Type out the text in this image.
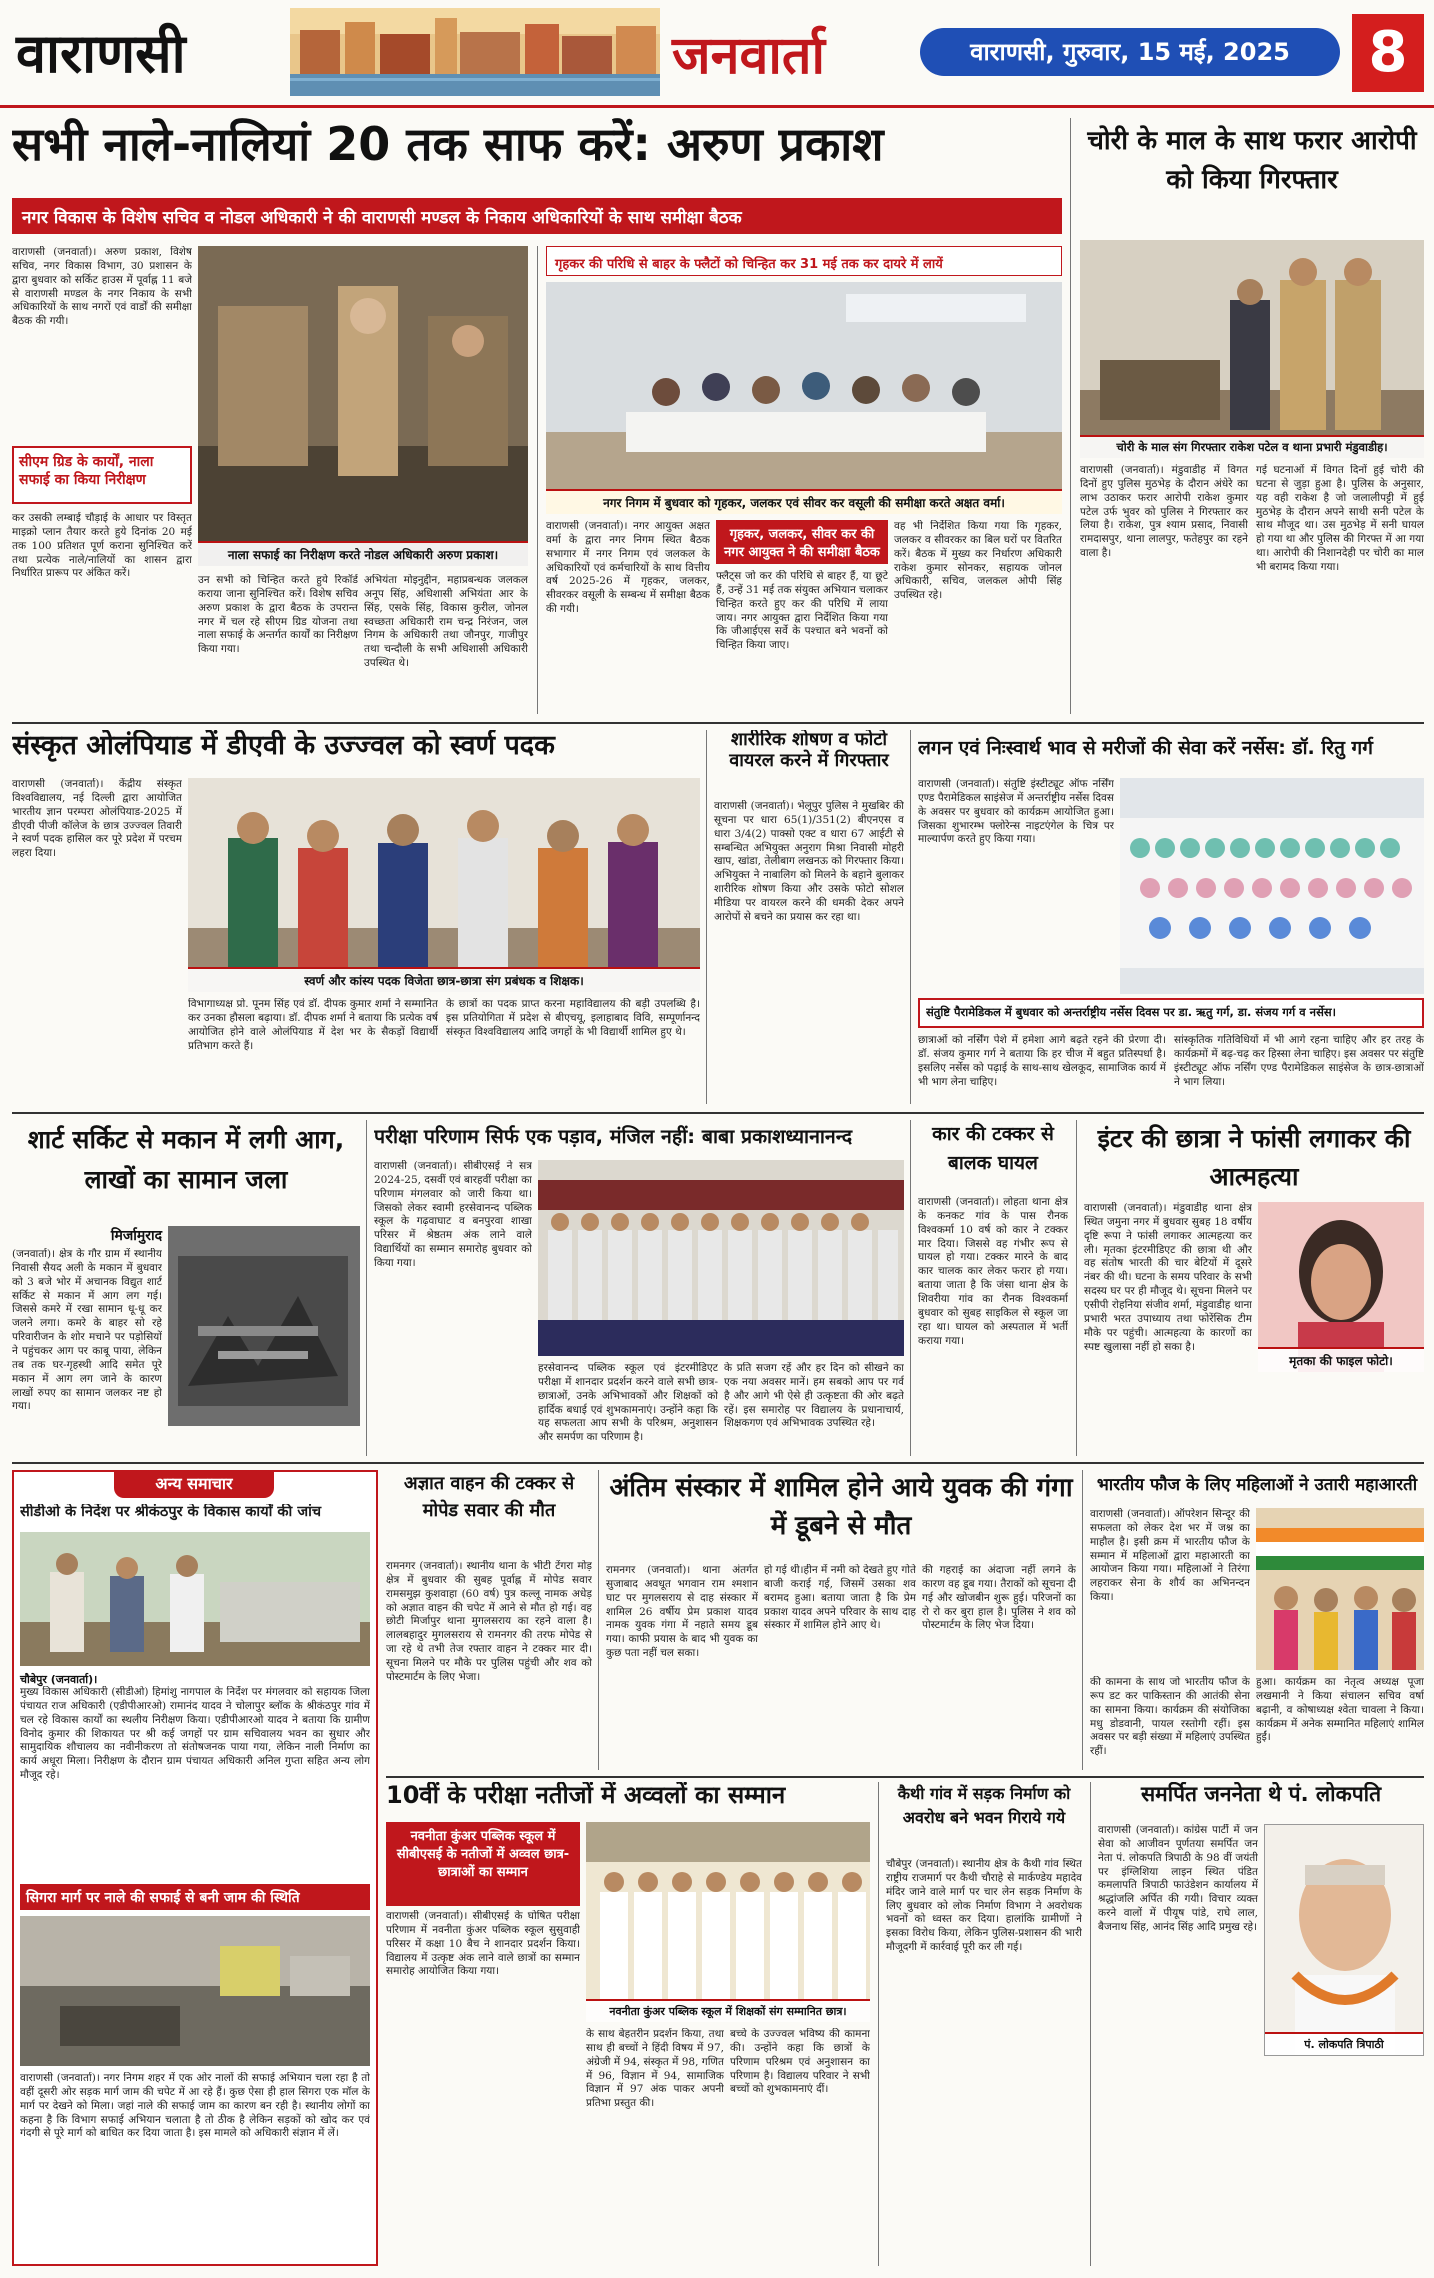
वाराणसी	जनवार्ता	वाराणसी, गुरुवार, 15 मई, 2025	8
सभी नाले-नालियां 20 तक साफ करें: अरुण प्रकाश
नगर विकास के विशेष सचिव व नोडल अधिकारी ने की वाराणसी मण्डल के निकाय अधिकारियों के साथ समीक्षा बैठक
वाराणसी (जनवार्ता)। अरुण प्रकाश, विशेष सचिव, नगर विकास विभाग, उ0 प्रशासन के द्वारा बुधवार को सर्किट हाउस में पूर्वाह्न 11 बजे से वाराणसी मण्डल के नगर निकाय के सभी अधिकारियों के साथ नगरों एवं वार्डों की समीक्षा बैठक की गयी।
सीएम ग्रिड के कार्यों, नाला सफाई का किया निरीक्षण
कर उसकी लम्बाई चौड़ाई के आधार पर विस्तृत माइक्रो प्लान तैयार करते हुये दिनांक 20 मई तक 100 प्रतिशत पूर्ण कराना सुनिश्चित करें तथा प्रत्येक नाले/नालियों का शासन द्वारा निर्धारित प्रारूप पर अंकित करें।
नाला सफाई का निरीक्षण करते नोडल अधिकारी अरुण प्रकाश।
उन सभी को चिन्हित करते हुये रिकॉर्ड कराया जाना सुनिश्चित करें। विशेष सचिव अरुण प्रकाश के द्वारा बैठक के उपरान्त नगर में चल रहे सीएम ग्रिड योजना तथा नाला सफाई के अन्तर्गत कार्यों का निरीक्षण किया गया।
अभियंता मोइनुद्दीन, महाप्रबन्धक जलकल अनूप सिंह, अधिशासी अभियंता आर के सिंह, एसके सिंह, विकास कुरील, जोनल स्वच्छता अधिकारी राम चन्द्र निरंजन, जल निगम के अधिकारी तथा जौनपुर, गाजीपुर तथा चन्दौली के सभी अधिशासी अधिकारी उपस्थित थे।
गृहकर की परिधि से बाहर के फ्लैटों को चिन्हित कर 31 मई तक कर दायरे में लायें
नगर निगम में बुधवार को गृहकर, जलकर एवं सीवर कर वसूली की समीक्षा करते अक्षत वर्मा।
वाराणसी (जनवार्ता)। नगर आयुक्त अक्षत वर्मा के द्वारा नगर निगम स्थित बैठक सभागार में नगर निगम एवं जलकल के अधिकारियों एवं कर्मचारियों के साथ वित्तीय वर्ष 2025-26 में गृहकर, जलकर, सीवरकर वसूली के सम्बन्ध में समीक्षा बैठक की गयी।
गृहकर, जलकर, सीवर कर की नगर आयुक्त ने की समीक्षा बैठक
फ्लैट्स जो कर की परिधि से बाहर हैं, या छूटे हैं, उन्हें 31 मई तक संयुक्त अभियान चलाकर चिन्हित करते हुए कर की परिधि में लाया जाय। नगर आयुक्त द्वारा निर्देशित किया गया कि जीआईएस सर्वे के पश्चात बने भवनों को चिन्हित किया जाए।
वह भी निर्देशित किया गया कि गृहकर, जलकर व सीवरकर का बिल घरों पर वितरित करें। बैठक में मुख्य कर निर्धारण अधिकारी राकेश कुमार सोनकर, सहायक जोनल अधिकारी, सचिव, जलकल ओपी सिंह उपस्थित रहे।
चोरी के माल के साथ फरार आरोपी को किया गिरफ्तार
चोरी के माल संग गिरफ्तार राकेश पटेल व थाना प्रभारी मंडुवाडीह।
वाराणसी (जनवार्ता)। मंडुवाडीह में विगत दिनों हुए पुलिस मुठभेड़ के दौरान अंधेरे का लाभ उठाकर फरार आरोपी राकेश कुमार पटेल उर्फ भुवर को पुलिस ने गिरफ्तार कर लिया है। राकेश, पुत्र श्याम प्रसाद, निवासी रामदासपुर, थाना लालपुर, फतेहपुर का रहने वाला है।
गई घटनाओं में विगत दिनों हुई चोरी की घटना से जुड़ा हुआ है। पुलिस के अनुसार, यह वही राकेश है जो जलालीपट्टी में हुई मुठभेड़ के दौरान अपने साथी सनी पटेल के साथ मौजूद था। उस मुठभेड़ में सनी घायल हो गया था और पुलिस की गिरफ्त में आ गया था। आरोपी की निशानदेही पर चोरी का माल भी बरामद किया गया।
संस्कृत ओलंपियाड में डीएवी के उज्ज्वल को स्वर्ण पदक
वाराणसी (जनवार्ता)। केंद्रीय संस्कृत विश्वविद्यालय, नई दिल्ली द्वारा आयोजित भारतीय ज्ञान परम्परा ओलंपियाड-2025 में डीएवी पीजी कॉलेज के छात्र उज्ज्वल तिवारी ने स्वर्ण पदक हासिल कर पूरे प्रदेश में परचम लहरा दिया।
स्वर्ण और कांस्य पदक विजेता छात्र-छात्रा संग प्रबंधक व शिक्षक।
विभागाध्यक्ष प्रो. पूनम सिंह एवं डॉ. दीपक कुमार शर्मा ने सम्मानित कर उनका हौसला बढ़ाया। डॉ. दीपक शर्मा ने बताया कि प्रत्येक वर्ष आयोजित होने वाले ओलंपियाड में देश भर के सैकड़ों विद्यार्थी प्रतिभाग करते हैं।
के छात्रों का पदक प्राप्त करना महाविद्यालय की बड़ी उपलब्धि है। इस प्रतियोगिता में प्रदेश से बीएचयू, इलाहाबाद विवि, सम्पूर्णानन्द संस्कृत विश्वविद्यालय आदि जगहों के भी विद्यार्थी शामिल हुए थे।
शारीरिक शोषण व फोटो वायरल करने में गिरफ्तार
वाराणसी (जनवार्ता)। भेलूपुर पुलिस ने मुखबिर की सूचना पर धारा 65(1)/351(2) बीएनएस व धारा 3/4(2) पाक्सो एक्ट व धारा 67 आईटी से सम्बन्धित अभियुक्त अनुराग मिश्रा निवासी मोहरी खाप, खांडा, तेलीबाग लखनऊ को गिरफ्तार किया। अभियुक्त ने नाबालिग को मिलने के बहाने बुलाकर शारीरिक शोषण किया और उसके फोटो सोशल मीडिया पर वायरल करने की धमकी देकर अपने आरोपों से बचने का प्रयास कर रहा था।
लगन एवं निःस्वार्थ भाव से मरीजों की सेवा करें नर्सेस: डॉ. रितु गर्ग
वाराणसी (जनवार्ता)। संतुष्टि इंस्टीट्यूट ऑफ नर्सिंग एण्ड पैरामेडिकल साइंसेज में अन्तर्राष्ट्रीय नर्सेस दिवस के अवसर पर बुधवार को कार्यक्रम आयोजित हुआ। जिसका शुभारम्भ फ्लोरेन्स नाइटएंगेल के चित्र पर माल्यार्पण करते हुए किया गया।
संतुष्टि पैरामेडिकल में बुधवार को अन्तर्राष्ट्रीय नर्सेस दिवस पर डा. ऋतु गर्ग, डा. संजय गर्ग व नर्सेस।
छात्राओं को नर्सिंग पेशे में हमेशा आगे बढ़ते रहने की प्रेरणा दी। डॉ. संजय कुमार गर्ग ने बताया कि हर चीज में बहुत प्रतिस्पर्धा है। इसलिए नर्सेस को पढ़ाई के साथ-साथ खेलकूद, सामाजिक कार्य में भी भाग लेना चाहिए।
सांस्कृतिक गतिविधियों में भी आगे रहना चाहिए और हर तरह के कार्यक्रमों में बढ़-चढ़ कर हिस्सा लेना चाहिए। इस अवसर पर संतुष्टि इंस्टीट्यूट ऑफ नर्सिंग एण्ड पैरामेडिकल साइंसेज के छात्र-छात्राओं ने भाग लिया।
शार्ट सर्किट से मकान में लगी आग, लाखों का सामान जला
मिर्जामुराद
(जनवार्ता)। क्षेत्र के गौर ग्राम में स्थानीय निवासी सैयद अली के मकान में बुधवार को 3 बजे भोर में अचानक विद्युत शार्ट सर्किट से मकान में आग लग गई। जिससे कमरे में रखा सामान धू-धू कर जलने लगा। कमरे के बाहर सो रहे परिवारीजन के शोर मचाने पर पड़ोसियों ने पहुंचकर आग पर काबू पाया, लेकिन तब तक घर-गृहस्थी आदि समेत पूरे मकान में आग लग जाने के कारण लाखों रुपए का सामान जलकर नष्ट हो गया।
परीक्षा परिणाम सिर्फ एक पड़ाव, मंजिल नहीं: बाबा प्रकाशध्यानानन्द
वाराणसी (जनवार्ता)। सीबीएसई ने सत्र 2024-25, दसवीं एवं बारहवीं परीक्षा का परिणाम मंगलवार को जारी किया था। जिसको लेकर स्वामी हरसेवानन्द पब्लिक स्कूल के गढ़वाघाट व बनपुरवा शाखा परिसर में श्रेष्ठतम अंक लाने वाले विद्यार्थियों का सम्मान समारोह बुधवार को किया गया।
हरसेवानन्द पब्लिक स्कूल एवं इंटरमीडिएट परीक्षा में शानदार प्रदर्शन करने वाले सभी छात्र-छात्राओं, उनके अभिभावकों और शिक्षकों को हार्दिक बधाई एवं शुभकामनाएं। उन्होंने कहा कि यह सफलता आप सभी के परिश्रम, अनुशासन और समर्पण का परिणाम है।
के प्रति सजग रहें और हर दिन को सीखने का एक नया अवसर मानें। हम सबको आप पर गर्व है और आगे भी ऐसे ही उत्कृष्टता की ओर बढ़ते रहें। इस समारोह पर विद्यालय के प्रधानाचार्य, शिक्षकगण एवं अभिभावक उपस्थित रहे।
कार की टक्कर से बालक घायल
वाराणसी (जनवार्ता)। लोहता थाना क्षेत्र के कनकट गांव के पास रौनक विश्वकर्मा 10 वर्ष को कार ने टक्कर मार दिया। जिससे वह गंभीर रूप से घायल हो गया। टक्कर मारने के बाद कार चालक कार लेकर फरार हो गया। बताया जाता है कि जंसा थाना क्षेत्र के शिवरीया गांव का रौनक विश्वकर्मा बुधवार को सुबह साइकिल से स्कूल जा रहा था। घायल को अस्पताल में भर्ती कराया गया।
इंटर की छात्रा ने फांसी लगाकर की आत्महत्या
वाराणसी (जनवार्ता)। मंडुवाडीह थाना क्षेत्र स्थित जमुना नगर में बुधवार सुबह 18 वर्षीय दृष्टि रूपा ने फांसी लगाकर आत्महत्या कर ली। मृतका इंटरमीडिएट की छात्रा थी और वह संतोष भारती की चार बेटियों में दूसरे नंबर की थी। घटना के समय परिवार के सभी सदस्य घर पर ही मौजूद थे। सूचना मिलने पर एसीपी रोहनिया संजीव शर्मा, मंडुवाडीह थाना प्रभारी भरत उपाध्याय तथा फोरेंसिक टीम मौके पर पहुंची। आत्महत्या के कारणों का स्पष्ट खुलासा नहीं हो सका है।
मृतका की फाइल फोटो।
अन्य समाचार
सीडीओ के निर्देश पर श्रीकंठपुर के विकास कार्यों की जांच
चौबेपुर (जनवार्ता)।
मुख्य विकास अधिकारी (सीडीओ) हिमांशु नागपाल के निर्देश पर मंगलवार को सहायक जिला पंचायत राज अधिकारी (एडीपीआरओ) रामानंद यादव ने चोलापुर ब्लॉक के श्रीकंठपुर गांव में चल रहे विकास कार्यों का स्थलीय निरीक्षण किया। एडीपीआरओ यादव ने बताया कि ग्रामीण विनोद कुमार की शिकायत पर श्री कई जगहों पर ग्राम सचिवालय भवन का सुधार और सामुदायिक शौचालय का नवीनीकरण तो संतोषजनक पाया गया, लेकिन नाली निर्माण का कार्य अधूरा मिला। निरीक्षण के दौरान ग्राम पंचायत अधिकारी अनिल गुप्ता सहित अन्य लोग मौजूद रहे।
सिगरा मार्ग पर नाले की सफाई से बनी जाम की स्थिति
वाराणसी (जनवार्ता)। नगर निगम शहर में एक ओर नालों की सफाई अभियान चला रहा है तो वहीं दूसरी ओर सड़क मार्ग जाम की चपेट में आ रहे हैं। कुछ ऐसा ही हाल सिगरा एक मॉल के मार्ग पर देखने को मिला। जहां नाले की सफाई जाम का कारण बन रही है। स्थानीय लोगों का कहना है कि विभाग सफाई अभियान चलाता है तो ठीक है लेकिन सड़कों को खोद कर एवं गंदगी से पूरे मार्ग को बाधित कर दिया जाता है। इस मामले को अधिकारी संज्ञान में लें।
अज्ञात वाहन की टक्कर से मोपेड सवार की मौत
रामनगर (जनवार्ता)। स्थानीय थाना के भीटी टेंगरा मोड़ क्षेत्र में बुधवार की सुबह पूर्वाह्न में मोपेड सवार रामसमुझ कुशवाहा (60 वर्ष) पुत्र कल्लू नामक अधेड़ को अज्ञात वाहन की चपेट में आने से मौत हो गई। वह छोटी मिर्जापुर थाना मुगलसराय का रहने वाला है। लालबहादुर मुगलसराय से रामनगर की तरफ मोपेड से जा रहे थे तभी तेज रफ्तार वाहन ने टक्कर मार दी। सूचना मिलने पर मौके पर पुलिस पहुंची और शव को पोस्टमार्टम के लिए भेजा।
अंतिम संस्कार में शामिल होने आये युवक की गंगा में डूबने से मौत
रामनगर (जनवार्ता)। थाना अंतर्गत सुजाबाद अवधूत भगवान राम श्मशान घाट पर मुगलसराय से दाह संस्कार में शामिल 26 वर्षीय प्रेम प्रकाश यादव नामक युवक गंगा में नहाते समय डूब गया। काफी प्रयास के बाद भी युवक का कुछ पता नहीं चल सका।
हो गई थी।हीन में नमी को देखते हुए गोते बाजी कराई गई, जिसमें उसका शव बरामद हुआ। बताया जाता है कि प्रेम प्रकाश यादव अपने परिवार के साथ दाह संस्कार में शामिल होने आए थे।
की गहराई का अंदाजा नहीं लगने के कारण वह डूब गया। तैराकों को सूचना दी गई और खोजबीन शुरू हुई। परिजनों का रो रो कर बुरा हाल है। पुलिस ने शव को पोस्टमार्टम के लिए भेज दिया।
भारतीय फौज के लिए महिलाओं ने उतारी महाआरती
वाराणसी (जनवार्ता)। ऑपरेशन सिन्दूर की सफलता को लेकर देश भर में जश्न का माहौल है। इसी क्रम में भारतीय फौज के सम्मान में महिलाओं द्वारा महाआरती का आयोजन किया गया। महिलाओं ने तिरंगा लहराकर सेना के शौर्य का अभिनन्दन किया।
की कामना के साथ जो भारतीय फौज के रूप डट कर पाकिस्तान की आतंकी सेना का सामना किया। कार्यक्रम की संयोजिका मधु डोडवानी, पायल रस्तोगी रहीं। इस अवसर पर बड़ी संख्या में महिलाएं उपस्थित रहीं।
हुआ। कार्यक्रम का नेतृत्व अध्यक्ष पूजा लखमानी ने किया संचालन सचिव वर्षा बढ़ानी, व कोषाध्यक्ष श्वेता चावला ने किया। कार्यक्रम में अनेक सम्मानित महिलाएं शामिल हुईं।
10वीं के परीक्षा नतीजों में अव्वलों का सम्मान
नवनीता कुंअर पब्लिक स्कूल में सीबीएसई के नतीजों में अव्वल छात्र-छात्राओं का सम्मान
वाराणसी (जनवार्ता)। सीबीएसई के घोषित परीक्षा परिणाम में नवनीता कुंअर पब्लिक स्कूल सुसुवाही परिसर में कक्षा 10 बैच ने शानदार प्रदर्शन किया। विद्यालय में उत्कृष्ट अंक लाने वाले छात्रों का सम्मान समारोह आयोजित किया गया।
नवनीता कुंअर पब्लिक स्कूल में शिक्षकों संग सम्मानित छात्र।
के साथ बेहतरीन प्रदर्शन किया, तथा साथ ही बच्चों ने हिंदी विषय में 97, अंग्रेजी में 94, संस्कृत में 98, गणित में 96, विज्ञान में 94, सामाजिक विज्ञान में 97 अंक पाकर अपनी प्रतिभा प्रस्तुत की।
बच्चे के उज्ज्वल भविष्य की कामना की। उन्होंने कहा कि छात्रों के परिणाम परिश्रम एवं अनुशासन का परिणाम है। विद्यालय परिवार ने सभी बच्चों को शुभकामनाएं दीं।
कैथी गांव में सड़क निर्माण को अवरोध बने भवन गिराये गये
चौबेपुर (जनवार्ता)। स्थानीय क्षेत्र के कैथी गांव स्थित राष्ट्रीय राजमार्ग पर कैथी चौराहे से मार्कण्डेय महादेव मंदिर जाने वाले मार्ग पर चार लेन सड़क निर्माण के लिए बुधवार को लोक निर्माण विभाग ने अवरोधक भवनों को ध्वस्त कर दिया। हालांकि ग्रामीणों ने इसका विरोध किया, लेकिन पुलिस-प्रशासन की भारी मौजूदगी में कार्रवाई पूरी कर ली गई।
समर्पित जननेता थे पं. लोकपति
वाराणसी (जनवार्ता)। कांग्रेस पार्टी में जन सेवा को आजीवन पूर्णतया समर्पित जन नेता पं. लोकपति त्रिपाठी के 98 वीं जयंती पर इंग्लिशिया लाइन स्थित पंडित कमलापति त्रिपाठी फाउंडेशन कार्यालय में श्रद्धांजलि अर्पित की गयी। विचार व्यक्त करने वालों में पीयूष पांडे, राघे लाल, बैजनाथ सिंह, आनंद सिंह आदि प्रमुख रहे।
पं. लोकपति त्रिपाठी
